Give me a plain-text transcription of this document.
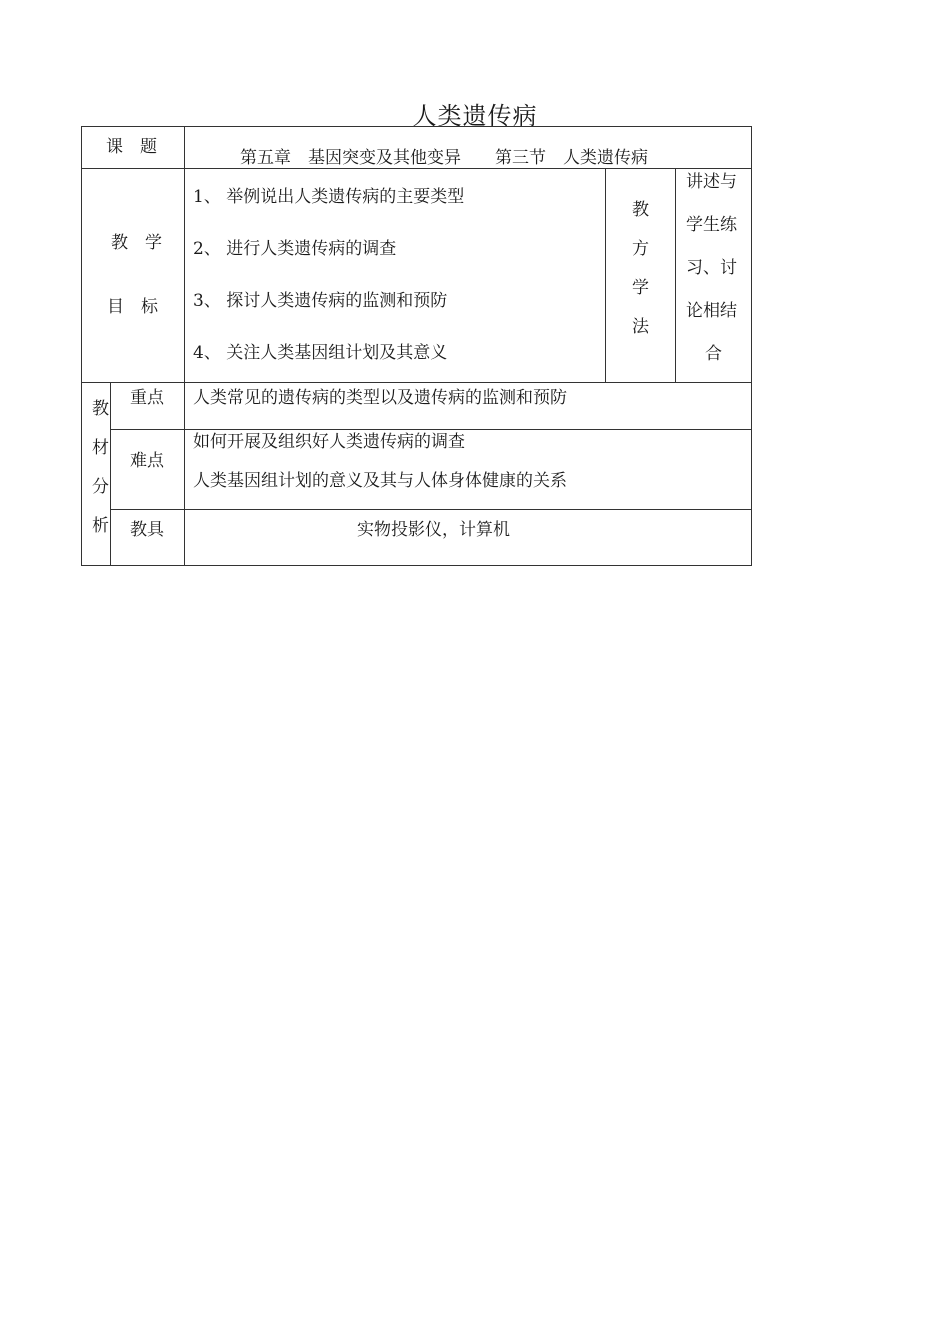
人类遗传病
课　题
第五章　基因突变及其他变异　　第三节　人类遗传病
教　学
目　标
1、 举例说出人类遗传病的主要类型
2、 进行人类遗传病的调查
3、 探讨人类遗传病的监测和预防
4、 关注人类基因组计划及其意义
教
方
学
法
讲述与
学生练
习、讨
论相结
合
教
材
分
析
重点 人类常见的遗传病的类型以及遗传病的监测和预防
难点
如何开展及组织好人类遗传病的调查
人类基因组计划的意义及其与人体身体健康的关系
教具	实物投影仪，计算机
